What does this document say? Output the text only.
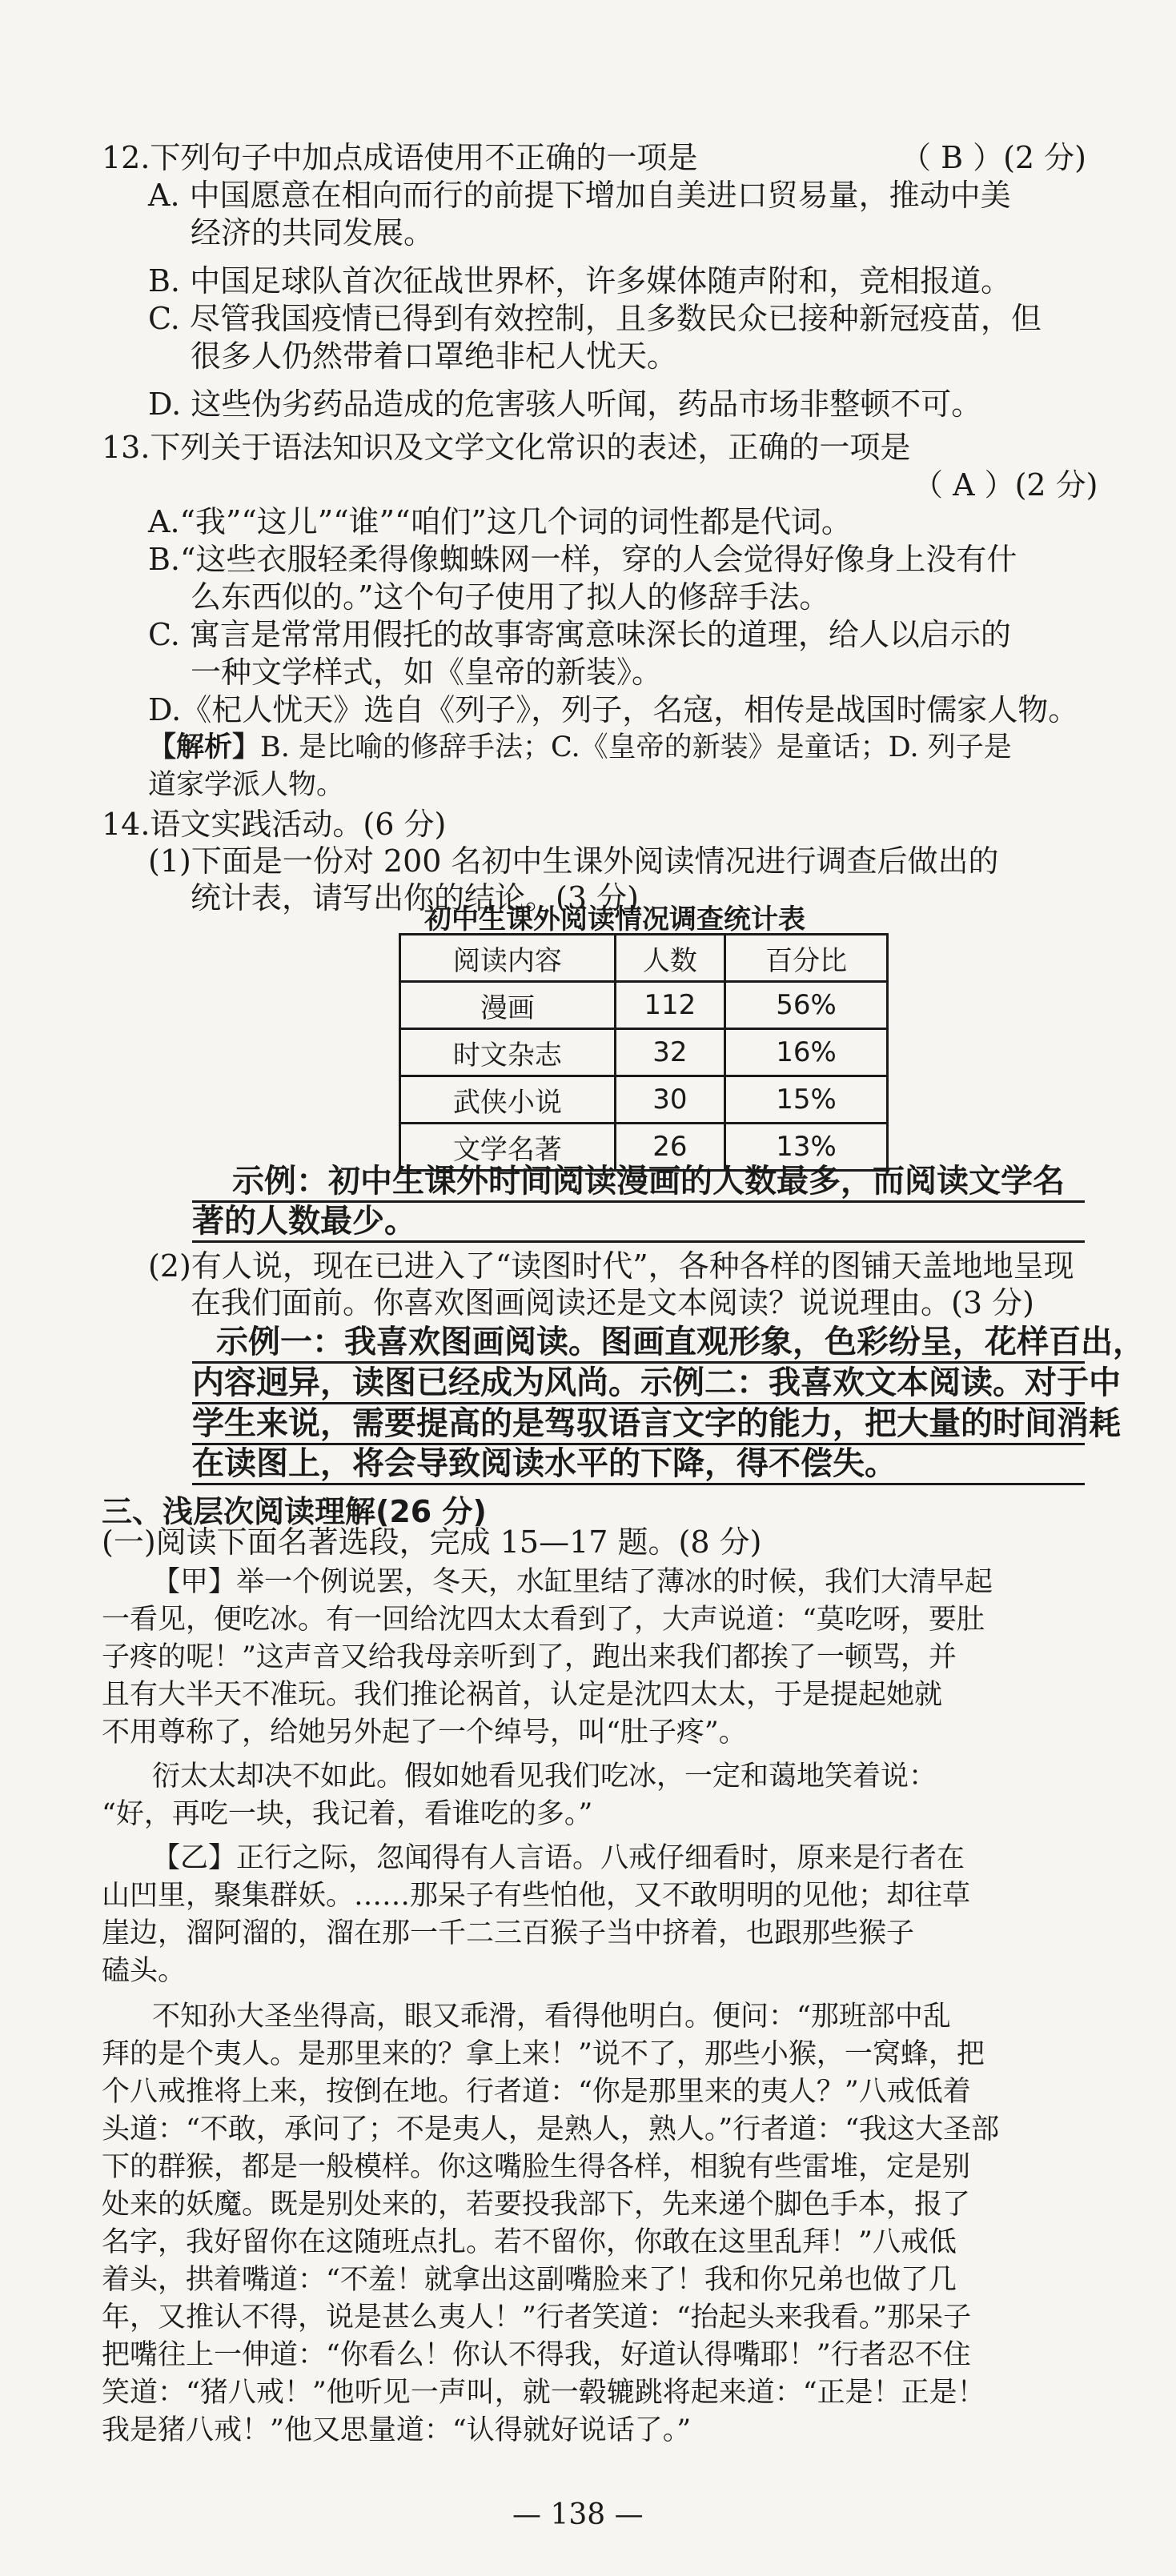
12.下列句子中加点成语使用不正确的一项是	（ B ）(2 分)
A. 中国愿意在相向而行的前提下增加自美进口贸易量，推动中美
经济的共同发展。
B. 中国足球队首次征战世界杯，许多媒体随声附和，竞相报道。
C. 尽管我国疫情已得到有效控制，且多数民众已接种新冠疫苗，但
很多人仍然带着口罩绝非杞人忧天。
D. 这些伪劣药品造成的危害骇人听闻，药品市场非整顿不可。
13.下列关于语法知识及文学文化常识的表述，正确的一项是
（ A ）(2 分)
A.“我”“这儿”“谁”“咱们”这几个词的词性都是代词。
B.“这些衣服轻柔得像蜘蛛网一样，穿的人会觉得好像身上没有什
么东西似的。”这个句子使用了拟人的修辞手法。
C. 寓言是常常用假托的故事寄寓意味深长的道理，给人以启示的
一种文学样式，如《皇帝的新装》。
D.《杞人忧天》选自《列子》，列子，名寇，相传是战国时儒家人物。
【解析】B. 是比喻的修辞手法；C.《皇帝的新装》是童话；D. 列子是
道家学派人物。
14.语文实践活动。(6 分)
(1)下面是一份对 200 名初中生课外阅读情况进行调查后做出的
统计表，请写出你的结论。(3 分)
初中生课外阅读情况调查统计表
阅读内容	人数	百分比
漫画	112	56%
时文杂志	32	16%
武侠小说	30	15%
文学名著	26	13%
示例：初中生课外时间阅读漫画的人数最多，而阅读文学名
著的人数最少。
(2)有人说，现在已进入了“读图时代”，各种各样的图铺天盖地地呈现
在我们面前。你喜欢图画阅读还是文本阅读？说说理由。(3 分)
示例一：我喜欢图画阅读。图画直观形象，色彩纷呈，花样百出，
内容迥异，读图已经成为风尚。示例二：我喜欢文本阅读。对于中
学生来说，需要提高的是驾驭语言文字的能力，把大量的时间消耗
在读图上，将会导致阅读水平的下降，得不偿失。
三、浅层次阅读理解(26 分)
(一)阅读下面名著选段，完成 15—17 题。(8 分)
【甲】举一个例说罢，冬天，水缸里结了薄冰的时候，我们大清早起
一看见，便吃冰。有一回给沈四太太看到了，大声说道：“莫吃呀，要肚
子疼的呢！”这声音又给我母亲听到了，跑出来我们都挨了一顿骂，并
且有大半天不准玩。我们推论祸首，认定是沈四太太，于是提起她就
不用尊称了，给她另外起了一个绰号，叫“肚子疼”。
衍太太却决不如此。假如她看见我们吃冰，一定和蔼地笑着说：
“好，再吃一块，我记着，看谁吃的多。”
【乙】正行之际，忽闻得有人言语。八戒仔细看时，原来是行者在
山凹里，聚集群妖。……那呆子有些怕他，又不敢明明的见他；却往草
崖边，溜阿溜的，溜在那一千二三百猴子当中挤着，也跟那些猴子
磕头。
不知孙大圣坐得高，眼又乖滑，看得他明白。便问：“那班部中乱
拜的是个夷人。是那里来的？拿上来！”说不了，那些小猴，一窝蜂，把
个八戒推将上来，按倒在地。行者道：“你是那里来的夷人？”八戒低着
头道：“不敢，承问了；不是夷人，是熟人，熟人。”行者道：“我这大圣部
下的群猴，都是一般模样。你这嘴脸生得各样，相貌有些雷堆，定是别
处来的妖魔。既是别处来的，若要投我部下，先来递个脚色手本，报了
名字，我好留你在这随班点扎。若不留你，你敢在这里乱拜！”八戒低
着头，拱着嘴道：“不羞！就拿出这副嘴脸来了！我和你兄弟也做了几
年，又推认不得，说是甚么夷人！”行者笑道：“抬起头来我看。”那呆子
把嘴往上一伸道：“你看么！你认不得我，好道认得嘴耶！”行者忍不住
笑道：“猪八戒！”他听见一声叫，就一毂辘跳将起来道：“正是！正是！
我是猪八戒！”他又思量道：“认得就好说话了。”
— 138 —
